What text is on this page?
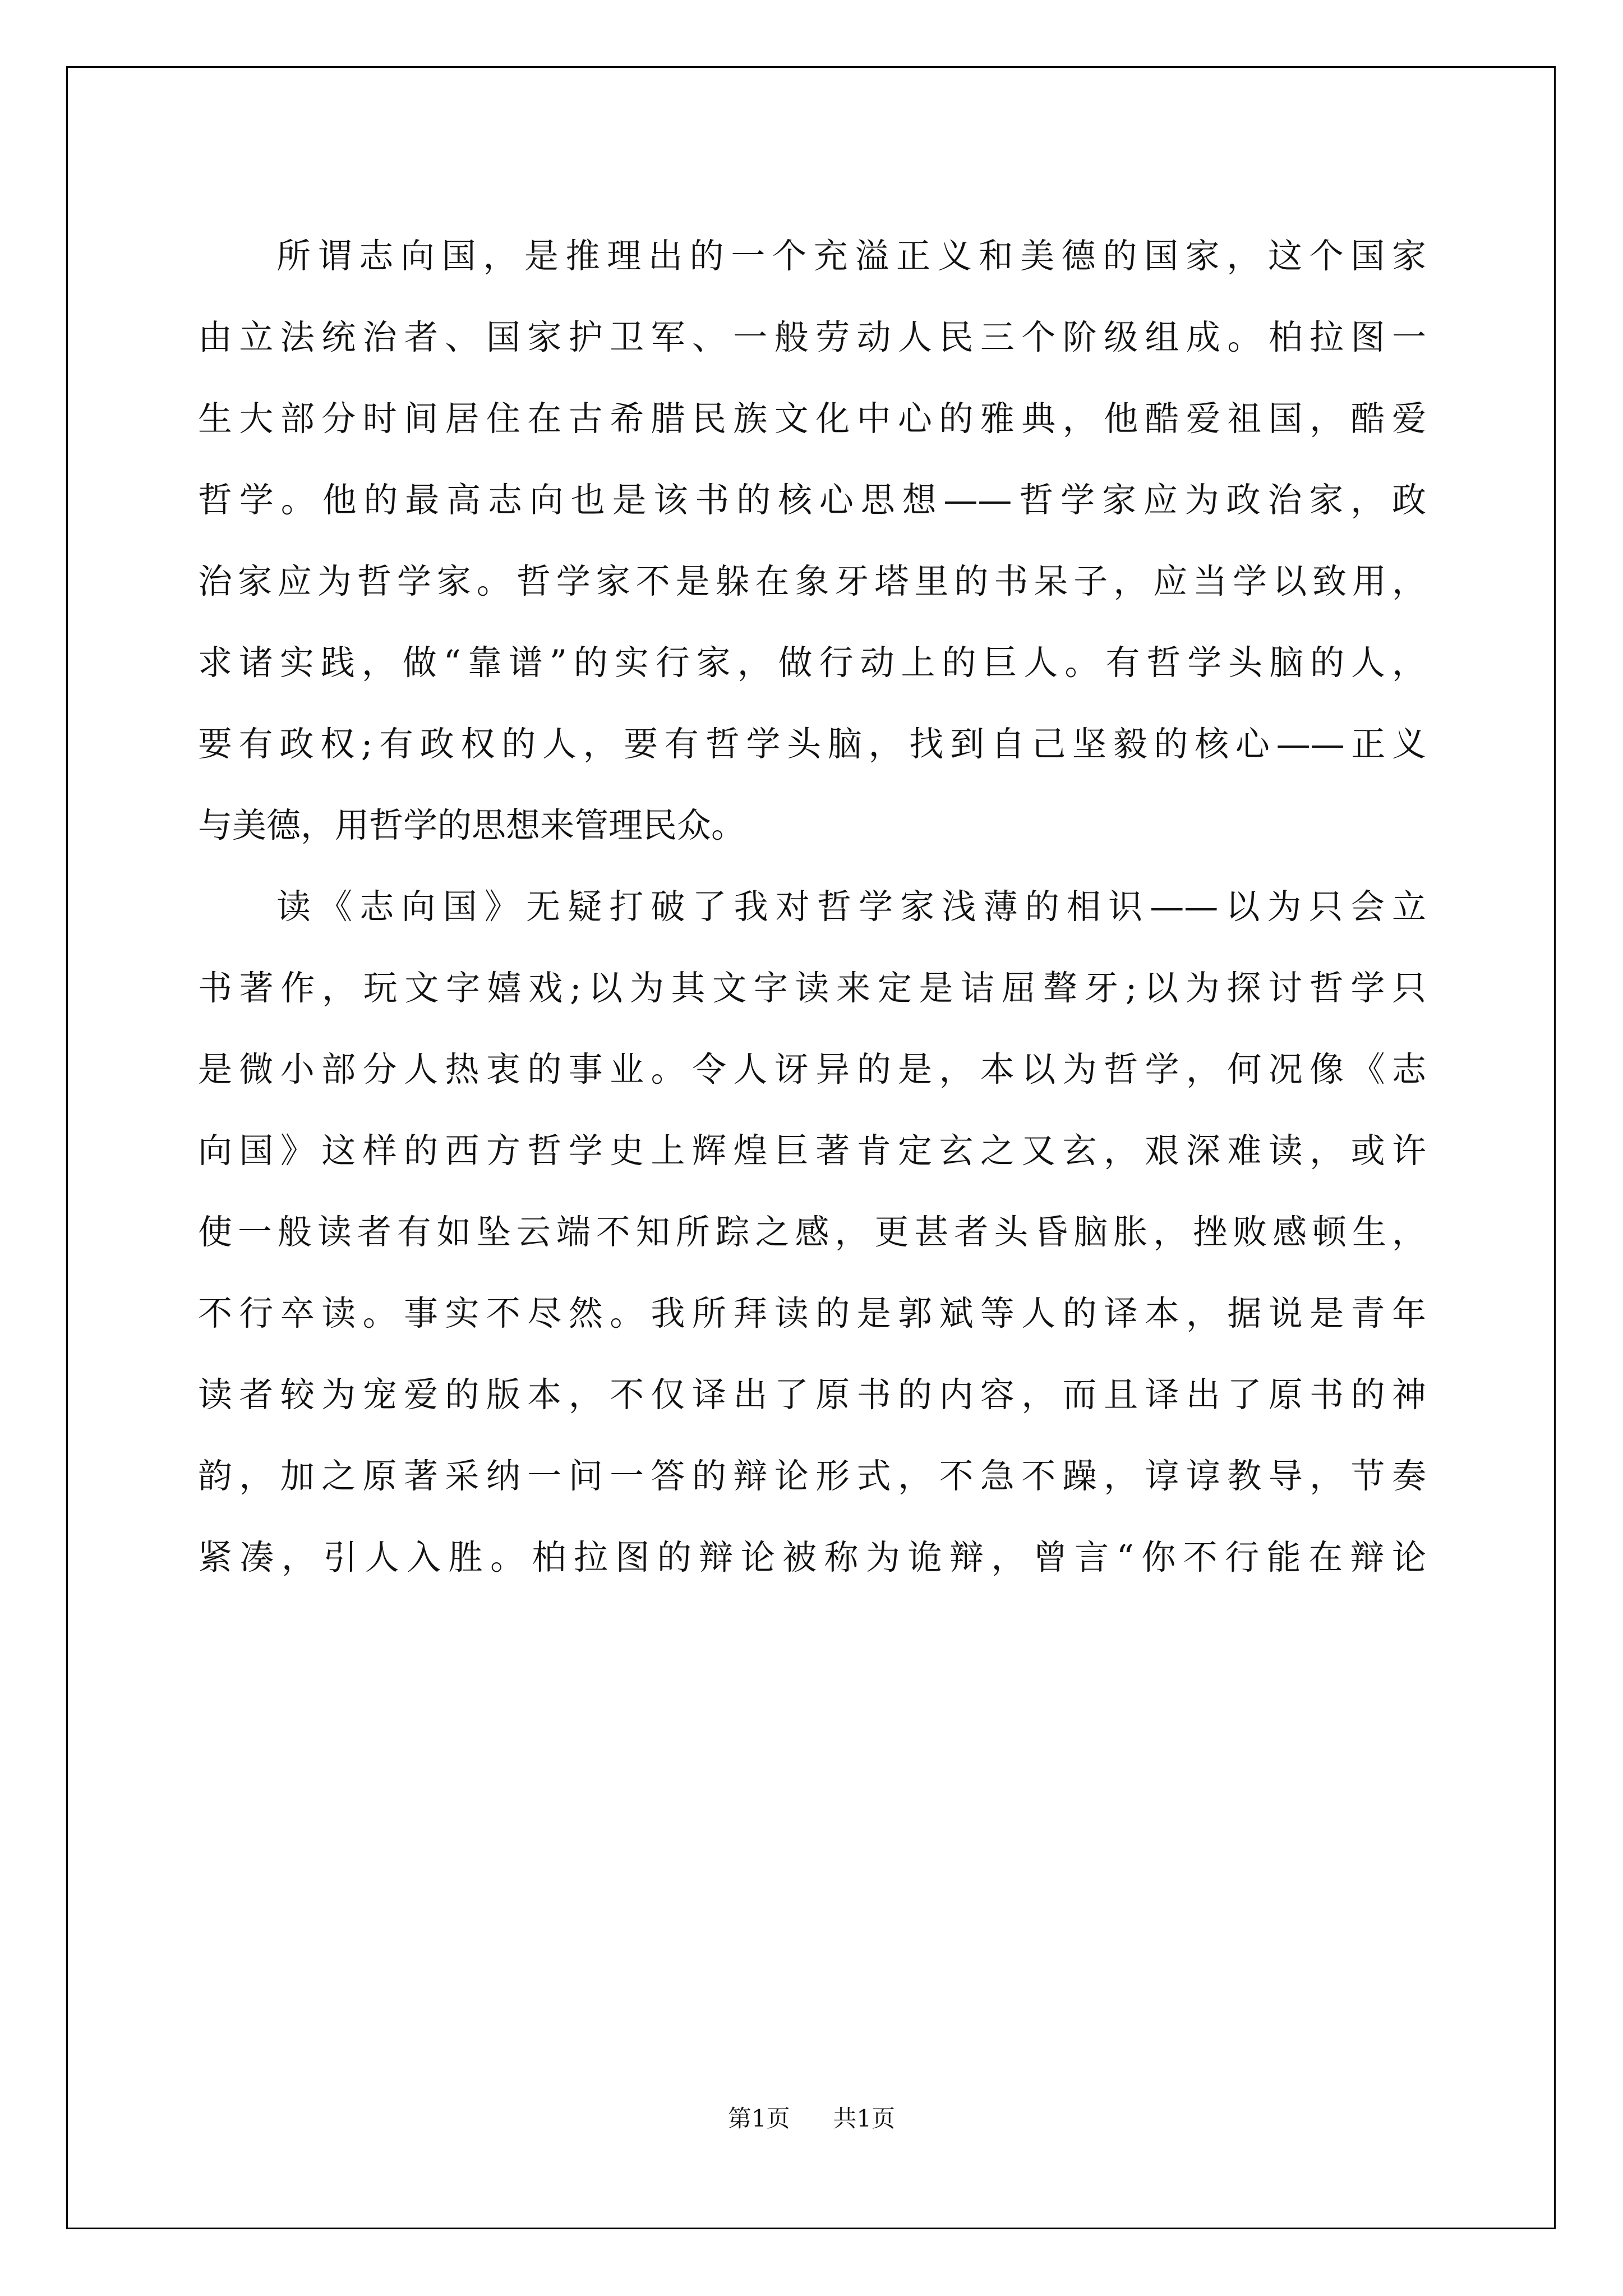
所谓志向国，是推理出的一个充溢正义和美德的国家，这个国家
由立法统治者、国家护卫军、一般劳动人民三个阶级组成。柏拉图一
生大部分时间居住在古希腊民族文化中心的雅典，他酷爱祖国，酷爱
哲学。他的最高志向也是该书的核心思想——哲学家应为政治家，政
治家应为哲学家。哲学家不是躲在象牙塔里的书呆子，应当学以致用，
求诸实践，做“靠谱”的实行家，做行动上的巨人。有哲学头脑的人，
要有政权;有政权的人，要有哲学头脑，找到自己坚毅的核心——正义
与美德，用哲学的思想来管理民众。
读《志向国》无疑打破了我对哲学家浅薄的相识——以为只会立
书著作，玩文字嬉戏;以为其文字读来定是诘屈聱牙;以为探讨哲学只
是微小部分人热衷的事业。令人讶异的是，本以为哲学，何况像《志
向国》这样的西方哲学史上辉煌巨著肯定玄之又玄，艰深难读，或许
使一般读者有如坠云端不知所踪之感，更甚者头昏脑胀，挫败感顿生，
不行卒读。事实不尽然。我所拜读的是郭斌等人的译本，据说是青年
读者较为宠爱的版本，不仅译出了原书的内容，而且译出了原书的神
韵，加之原著采纳一问一答的辩论形式，不急不躁，谆谆教导，节奏
紧凑，引人入胜。柏拉图的辩论被称为诡辩，曾言“你不行能在辩论
第1页 共1页
